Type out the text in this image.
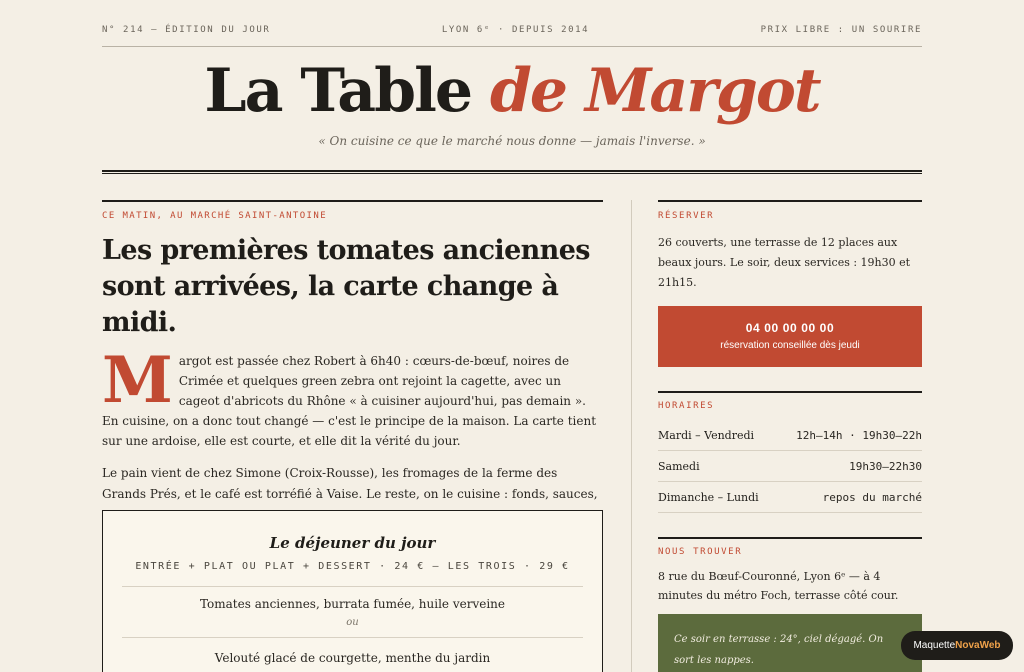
N° 214 — ÉDITION DU JOUR	LYON 6ᵉ · DEPUIS 2014	PRIX LIBRE : UN SOURIRE
La Table de Margot
« On cuisine ce que le marché nous donne — jamais l'inverse. »
CE MATIN, AU MARCHÉ SAINT-ANTOINE
Les premières tomates anciennes sont arrivées, la carte change à midi.

Margot est passée chez Robert à 6h40 : cœurs-de-bœuf, noires de Crimée et quelques green zebra ont rejoint la cagette, avec un cageot d'abricots du Rhône « à cuisiner aujourd'hui, pas demain ». En cuisine, on a donc tout changé — c'est le principe de la maison. La carte tient sur une ardoise, elle est courte, et elle dit la vérité du jour.

Le pain vient de chez Simone (Croix-Rousse), les fromages de la ferme des Grands Prés, et le café est torréfié à Vaise. Le reste, on le cuisine : fonds, sauces,

Le déjeuner du jour
ENTRÉE + PLAT OU PLAT + DESSERT · 24 € — LES TROIS · 29 €
Tomates anciennes, burrata fumée, huile verveine
ou
Velouté glacé de courgette, menthe du jardin
RÉSERVER

26 couverts, une terrasse de 12 places aux beaux jours. Le soir, deux services : 19h30 et 21h15.

04 00 00 00 00
réservation conseillée dès jeudi
HORAIRES
Mardi – Vendredi	12h–14h · 19h30–22h
Samedi	19h30–22h30
Dimanche – Lundi	repos du marché
NOUS TROUVER

8 rue du Bœuf-Couronné, Lyon 6ᵉ — à 4 minutes du métro Foch, terrasse côté cour.

Ce soir en terrasse : 24°, ciel dégagé. On sort les nappes.
Maquette NovaWeb
